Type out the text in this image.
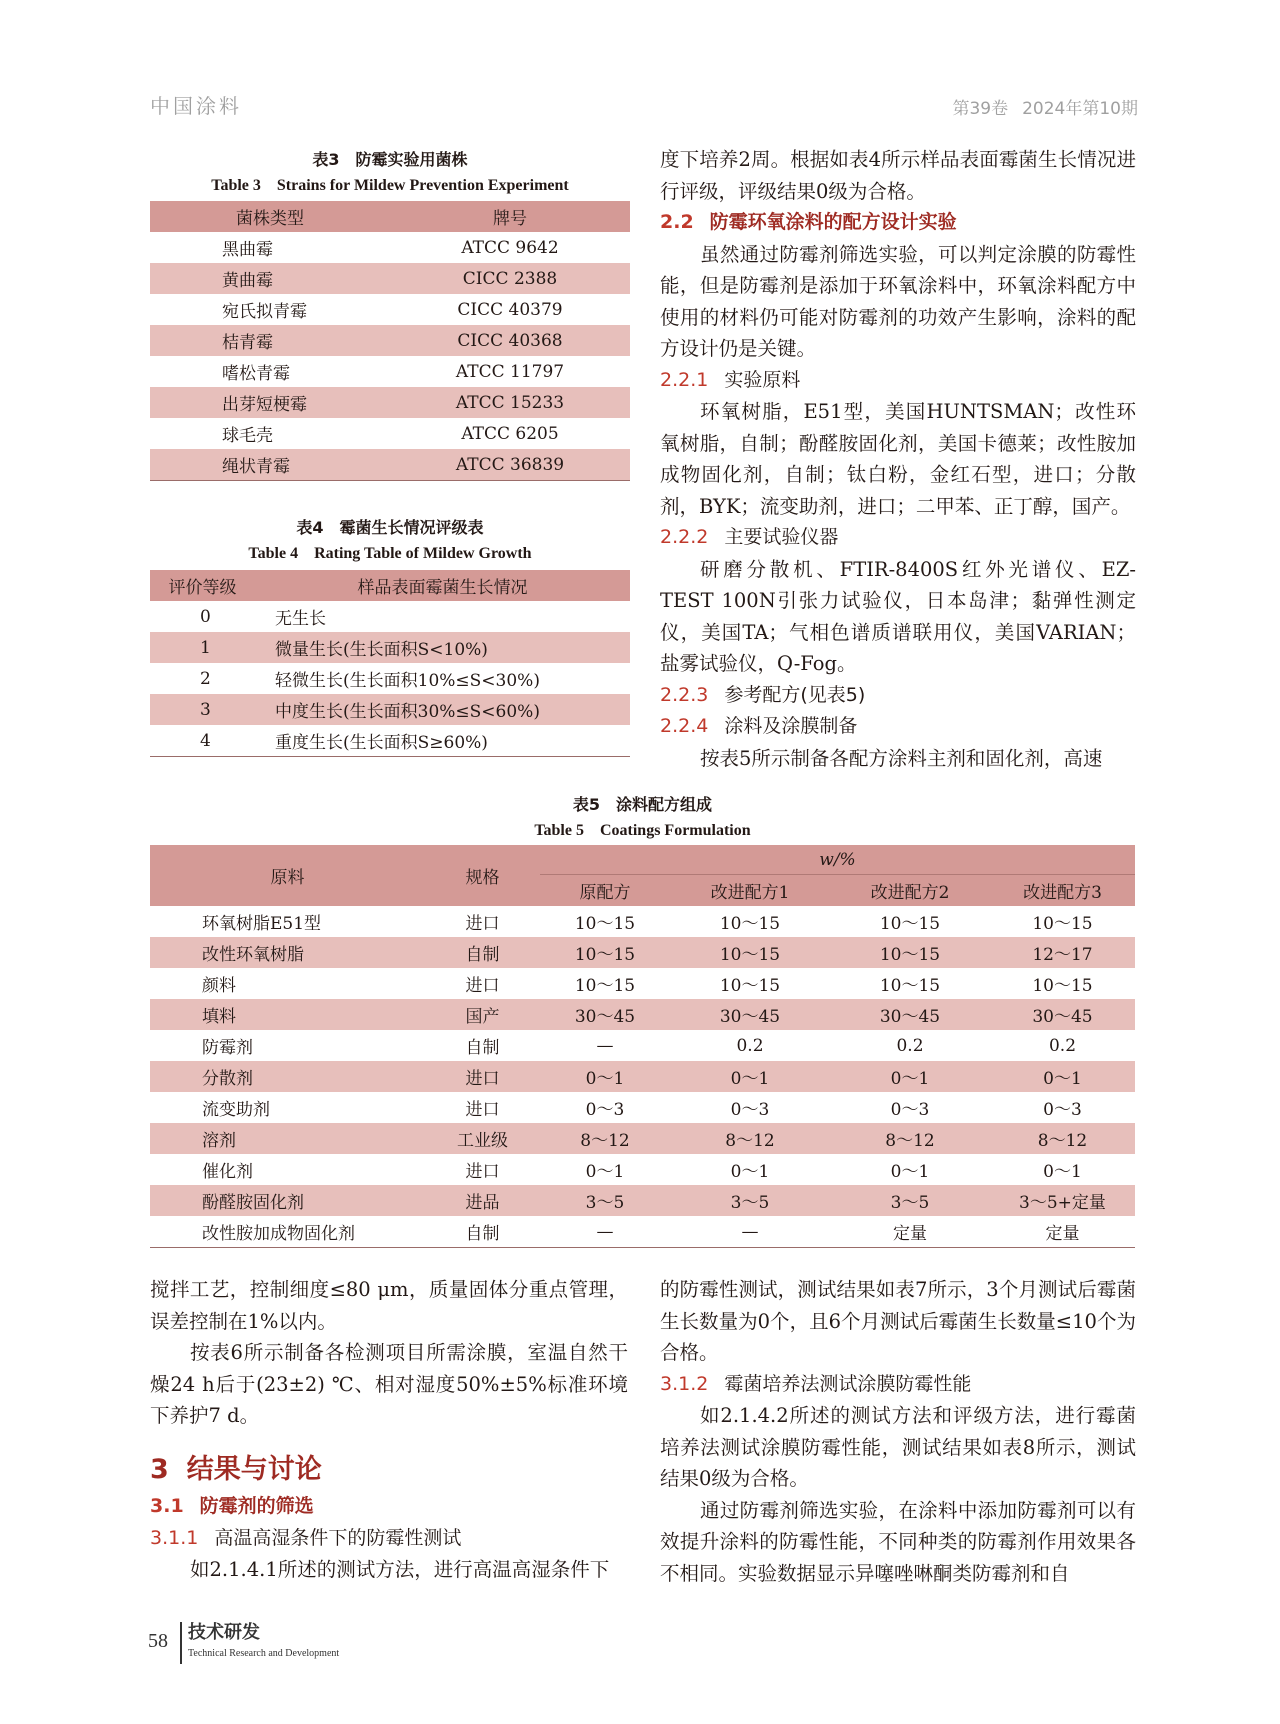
中国涂料	第39卷 2024年第10期
表3　防霉实验用菌株
Table 3　Strains for Mildew Prevention Experiment
菌株类型	牌号
黑曲霉	ATCC 9642
黄曲霉	CICC 2388
宛氏拟青霉	CICC 40379
桔青霉	CICC 40368
嗜松青霉	ATCC 11797
出芽短梗霉	ATCC 15233
球毛壳	ATCC 6205
绳状青霉	ATCC 36839
表4　霉菌生长情况评级表
Table 4　Rating Table of Mildew Growth
评价等级	样品表面霉菌生长情况
0	无生长
1	微量生长(生长面积S<10%)
2	轻微生长(生长面积10%≤S<30%)
3	中度生长(生长面积30%≤S<60%)
4	重度生长(生长面积S≥60%)

度下培养2周。根据如表4所示样品表面霉菌生长情况进行评级，评级结果0级为合格。

2.2 防霉环氧涂料的配方设计实验

虽然通过防霉剂筛选实验，可以判定涂膜的防霉性能，但是防霉剂是添加于环氧涂料中，环氧涂料配方中使用的材料仍可能对防霉剂的功效产生影响，涂料的配方设计仍是关键。

2.2.1 实验原料

环氧树脂，E51型，美国HUNTSMAN；改性环氧树脂，自制；酚醛胺固化剂，美国卡德莱；改性胺加成物固化剂，自制；钛白粉，金红石型，进口；分散剂，BYK；流变助剂，进口；二甲苯、正丁醇，国产。

2.2.2 主要试验仪器

研磨分散机、FTIR-8400S红外光谱仪、EZ-TEST 100N引张力试验仪，日本岛津；黏弹性测定仪，美国TA；气相色谱质谱联用仪，美国VARIAN；盐雾试验仪，Q-Fog。

2.2.3 参考配方(见表5)
2.2.4 涂料及涂膜制备

按表5所示制备各配方涂料主剂和固化剂，高速

表5　涂料配方组成
Table 5　Coatings Formulation
原料	规格	w/%			
		原配方	改进配方1	改进配方2	改进配方3
环氧树脂E51型	进口	10～15	10～15	10～15	10～15
改性环氧树脂	自制	10～15	10～15	10～15	12～17
颜料	进口	10～15	10～15	10～15	10～15
填料	国产	30～45	30～45	30～45	30～45
防霉剂	自制	—	0.2	0.2	0.2
分散剂	进口	0～1	0～1	0～1	0～1
流变助剂	进口	0～3	0～3	0～3	0～3
溶剂	工业级	8～12	8～12	8～12	8～12
催化剂	进口	0～1	0～1	0～1	0～1
酚醛胺固化剂	进品	3～5	3～5	3～5	3～5+定量
改性胺加成物固化剂	自制	—	—	定量	定量

搅拌工艺，控制细度≤80 μm，质量固体分重点管理，误差控制在1%以内。

按表6所示制备各检测项目所需涂膜，室温自然干燥24 h后于(23±2) ℃、相对湿度50%±5%标准环境下养护7 d。

3 结果与讨论
3.1 防霉剂的筛选
3.1.1 高温高湿条件下的防霉性测试

如2.1.4.1所述的测试方法，进行高温高湿条件下

的防霉性测试，测试结果如表7所示，3个月测试后霉菌生长数量为0个，且6个月测试后霉菌生长数量≤10个为合格。

3.1.2 霉菌培养法测试涂膜防霉性能

如2.1.4.2所述的测试方法和评级方法，进行霉菌培养法测试涂膜防霉性能，测试结果如表8所示，测试结果0级为合格。

通过防霉剂筛选实验，在涂料中添加防霉剂可以有效提升涂料的防霉性能，不同种类的防霉剂作用效果各不相同。实验数据显示异噻唑啉酮类防霉剂和自

58 技术研发
Technical Research and Development
